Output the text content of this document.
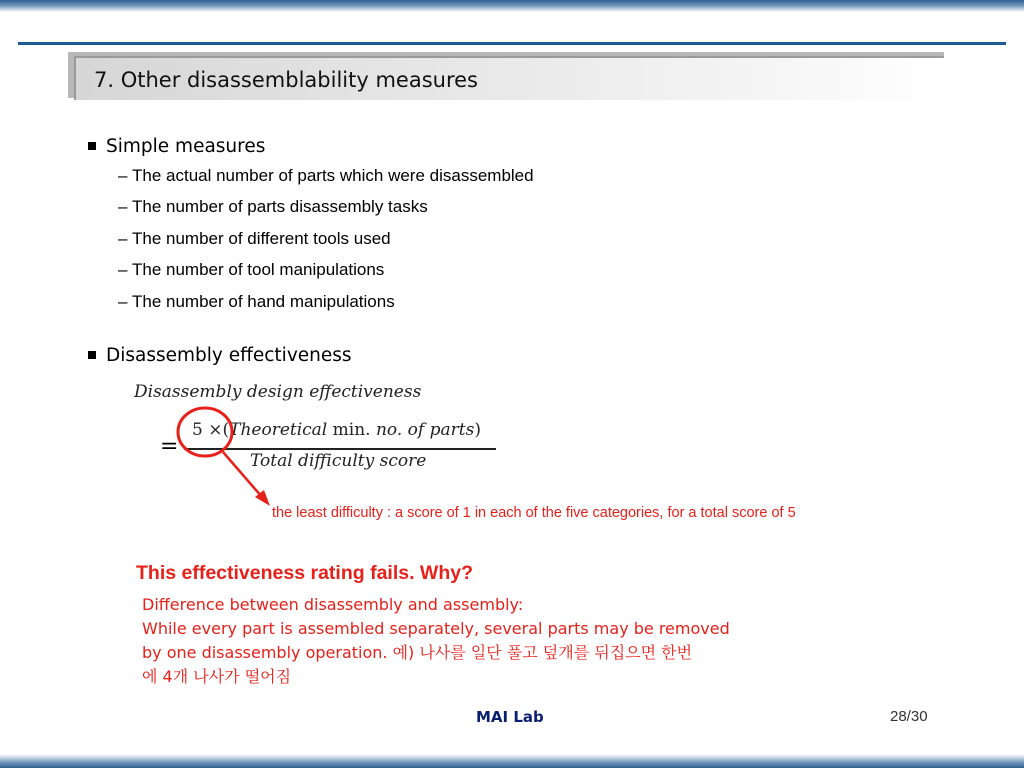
7. Other disassemblability measures
Simple measures
– The actual number of parts which were disassembled
– The number of parts disassembly tasks
– The number of different tools used
– The number of tool manipulations
– The number of hand manipulations
Disassembly effectiveness
Disassembly design effectiveness
=
5 ×(Theoretical min. no. of parts)
Total difficulty score
the least difficulty : a score of 1 in each of the five categories, for a total score of 5
This effectiveness rating fails. Why?
Difference between disassembly and assembly:
While every part is assembled separately, several parts may be removed
by one disassembly operation. 예) 나사를 일단 풀고 덮개를 뒤집으면 한번
에 4개 나사가 떨어짐
MAI Lab	28/30
